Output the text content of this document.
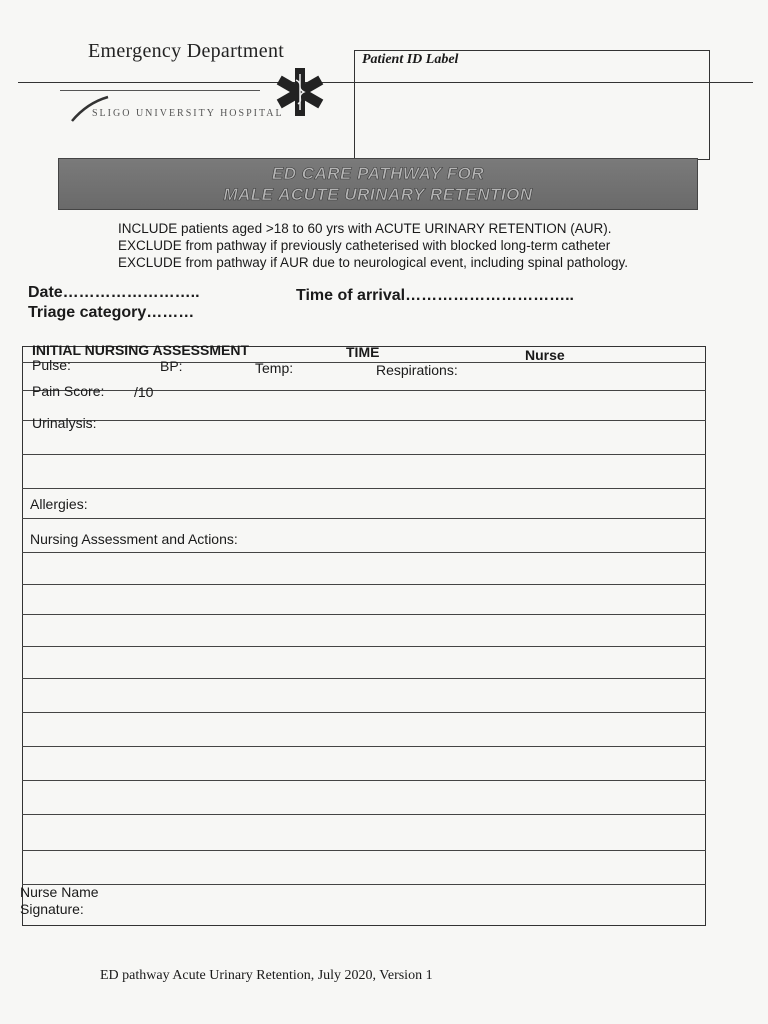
Emergency Department
SLIGO UNIVERSITY HOSPITAL
Patient ID Label
ED CARE PATHWAY FOR
MALE ACUTE URINARY RETENTION
INCLUDE patients aged >18 to 60 yrs with ACUTE URINARY RETENTION (AUR).
EXCLUDE from pathway if previously catheterised with blocked long-term catheter
EXCLUDE from pathway if AUR due to neurological event, including spinal pathology.
Date……………………..	Time of arrival…………………………..
Triage category………
INITIAL NURSING ASSESSMENT	TIME	Nurse
Pulse:	BP:	Temp:	Respirations:
Pain Score: /10
Urinalysis:
Allergies:
Nursing Assessment and Actions:
Nurse Name
Signature:
ED pathway Acute Urinary Retention, July 2020, Version 1
